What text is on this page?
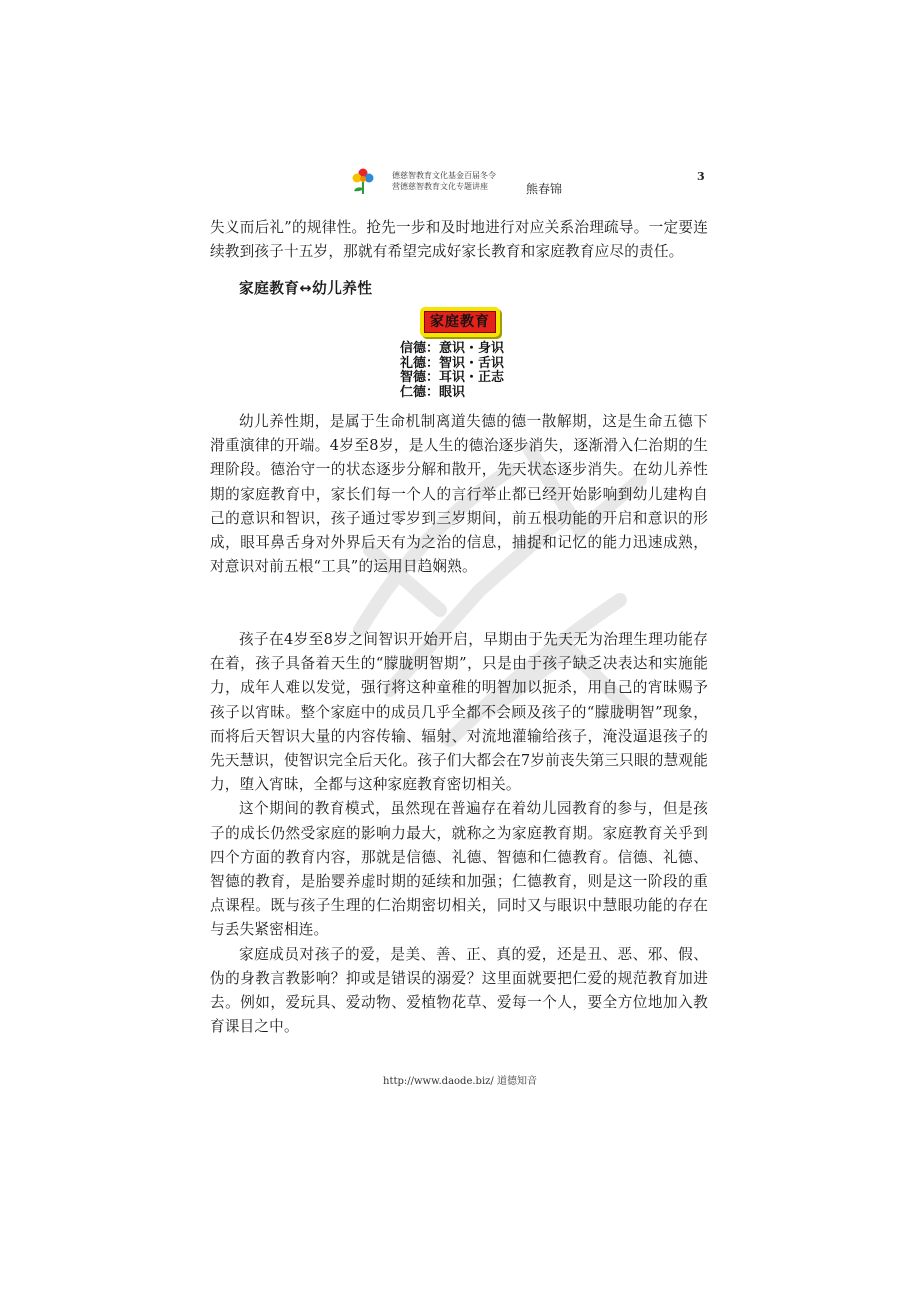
德慈智教育文化基金百届冬令
营德慈智教育文化专题讲座	熊春锦
3

失义而后礼”的规律性。抢先一步和及时地进行对应关系治理疏导。一定要连续教到孩子十五岁，那就有希望完成好家长教育和家庭教育应尽的责任。

家庭教育↔幼儿养性
家庭教育
信德：意识・身识
礼德：智识・舌识
智德：耳识・正志
仁德：眼识

幼儿养性期，是属于生命机制离道失德的德一散解期，这是生命五德下滑重演律的开端。4岁至8岁，是人生的德治逐步消失，逐渐滑入仁治期的生理阶段。德治守一的状态逐步分解和散开，先天状态逐步消失。在幼儿养性期的家庭教育中，家长们每一个人的言行举止都已经开始影响到幼儿建构自己的意识和智识，孩子通过零岁到三岁期间，前五根功能的开启和意识的形成，眼耳鼻舌身对外界后天有为之治的信息，捕捉和记忆的能力迅速成熟，对意识对前五根“工具”的运用日趋娴熟。

孩子在4岁至8岁之间智识开始开启，早期由于先天无为治理生理功能存在着，孩子具备着天生的“朦胧明智期”，只是由于孩子缺乏决表达和实施能力，成年人难以发觉，强行将这种童稚的明智加以扼杀，用自己的宵昧赐予孩子以宵昧。整个家庭中的成员几乎全都不会顾及孩子的“朦胧明智”现象，而将后天智识大量的内容传输、辐射、对流地灌输给孩子，淹没逼退孩子的先天慧识，使智识完全后天化。孩子们大都会在7岁前丧失第三只眼的慧观能力，堕入宵昧，全都与这种家庭教育密切相关。

这个期间的教育模式，虽然现在普遍存在着幼儿园教育的参与，但是孩子的成长仍然受家庭的影响力最大，就称之为家庭教育期。家庭教育关乎到四个方面的教育内容，那就是信德、礼德、智德和仁德教育。信德、礼德、智德的教育，是胎婴养虚时期的延续和加强；仁德教育，则是这一阶段的重点课程。既与孩子生理的仁治期密切相关，同时又与眼识中慧眼功能的存在与丢失紧密相连。

家庭成员对孩子的爱，是美、善、正、真的爱，还是丑、恶、邪、假、伪的身教言教影响？抑或是错误的溺爱？这里面就要把仁爱的规范教育加进去。例如，爱玩具、爱动物、爱植物花草、爱每一个人，要全方位地加入教育课目之中。

http://www.daode.biz/ 道德知音
